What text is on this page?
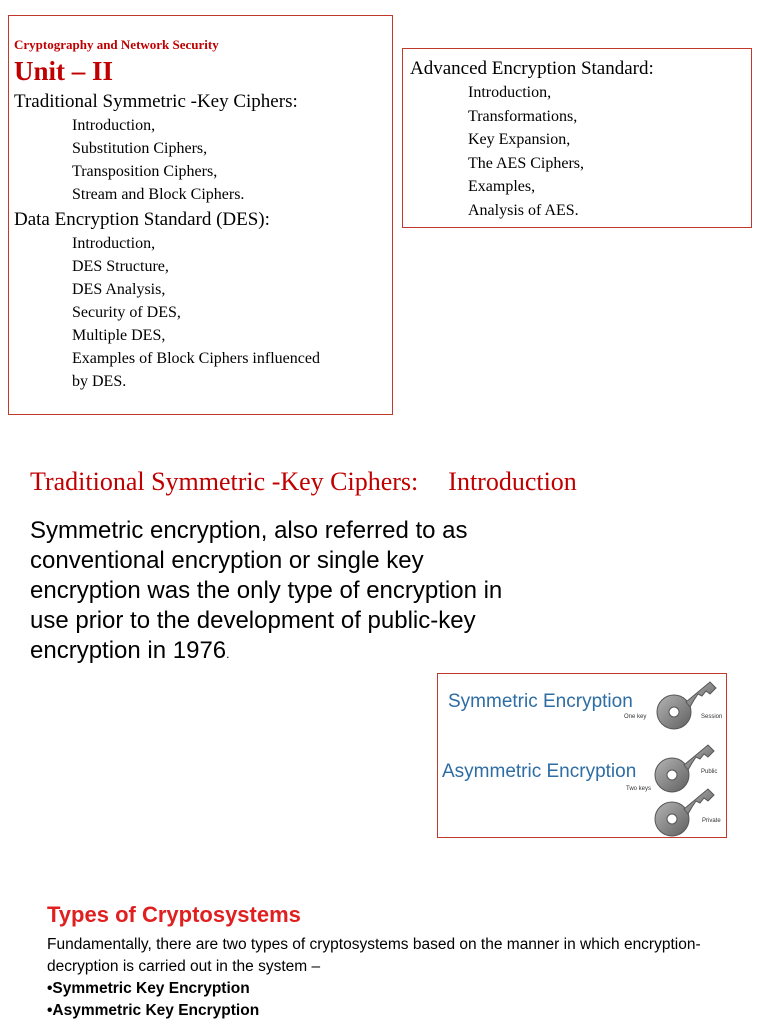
Cryptography and Network Security
Unit – II
Traditional Symmetric -Key Ciphers:
Introduction,
Substitution Ciphers,
Transposition Ciphers,
Stream and Block Ciphers.
Data Encryption Standard (DES):
Introduction,
DES Structure,
DES Analysis,
Security of DES,
Multiple DES,
Examples of Block Ciphers influenced
by DES.
Advanced Encryption Standard:
Introduction,
Transformations,
Key Expansion,
The AES Ciphers,
Examples,
Analysis of AES.
Traditional Symmetric -Key Ciphers: Introduction
Symmetric encryption, also referred to as conventional encryption or single key encryption was the only type of encryption in use prior to the development of public-key encryption in 1976.
Symmetric Encryption
One key	Session
Asymmetric Encryption
Two keys
Public
Private
Types of Cryptosystems
Fundamentally, there are two types of cryptosystems based on the manner in which encryption-decryption is carried out in the system –
•Symmetric Key Encryption
•Asymmetric Key Encryption
